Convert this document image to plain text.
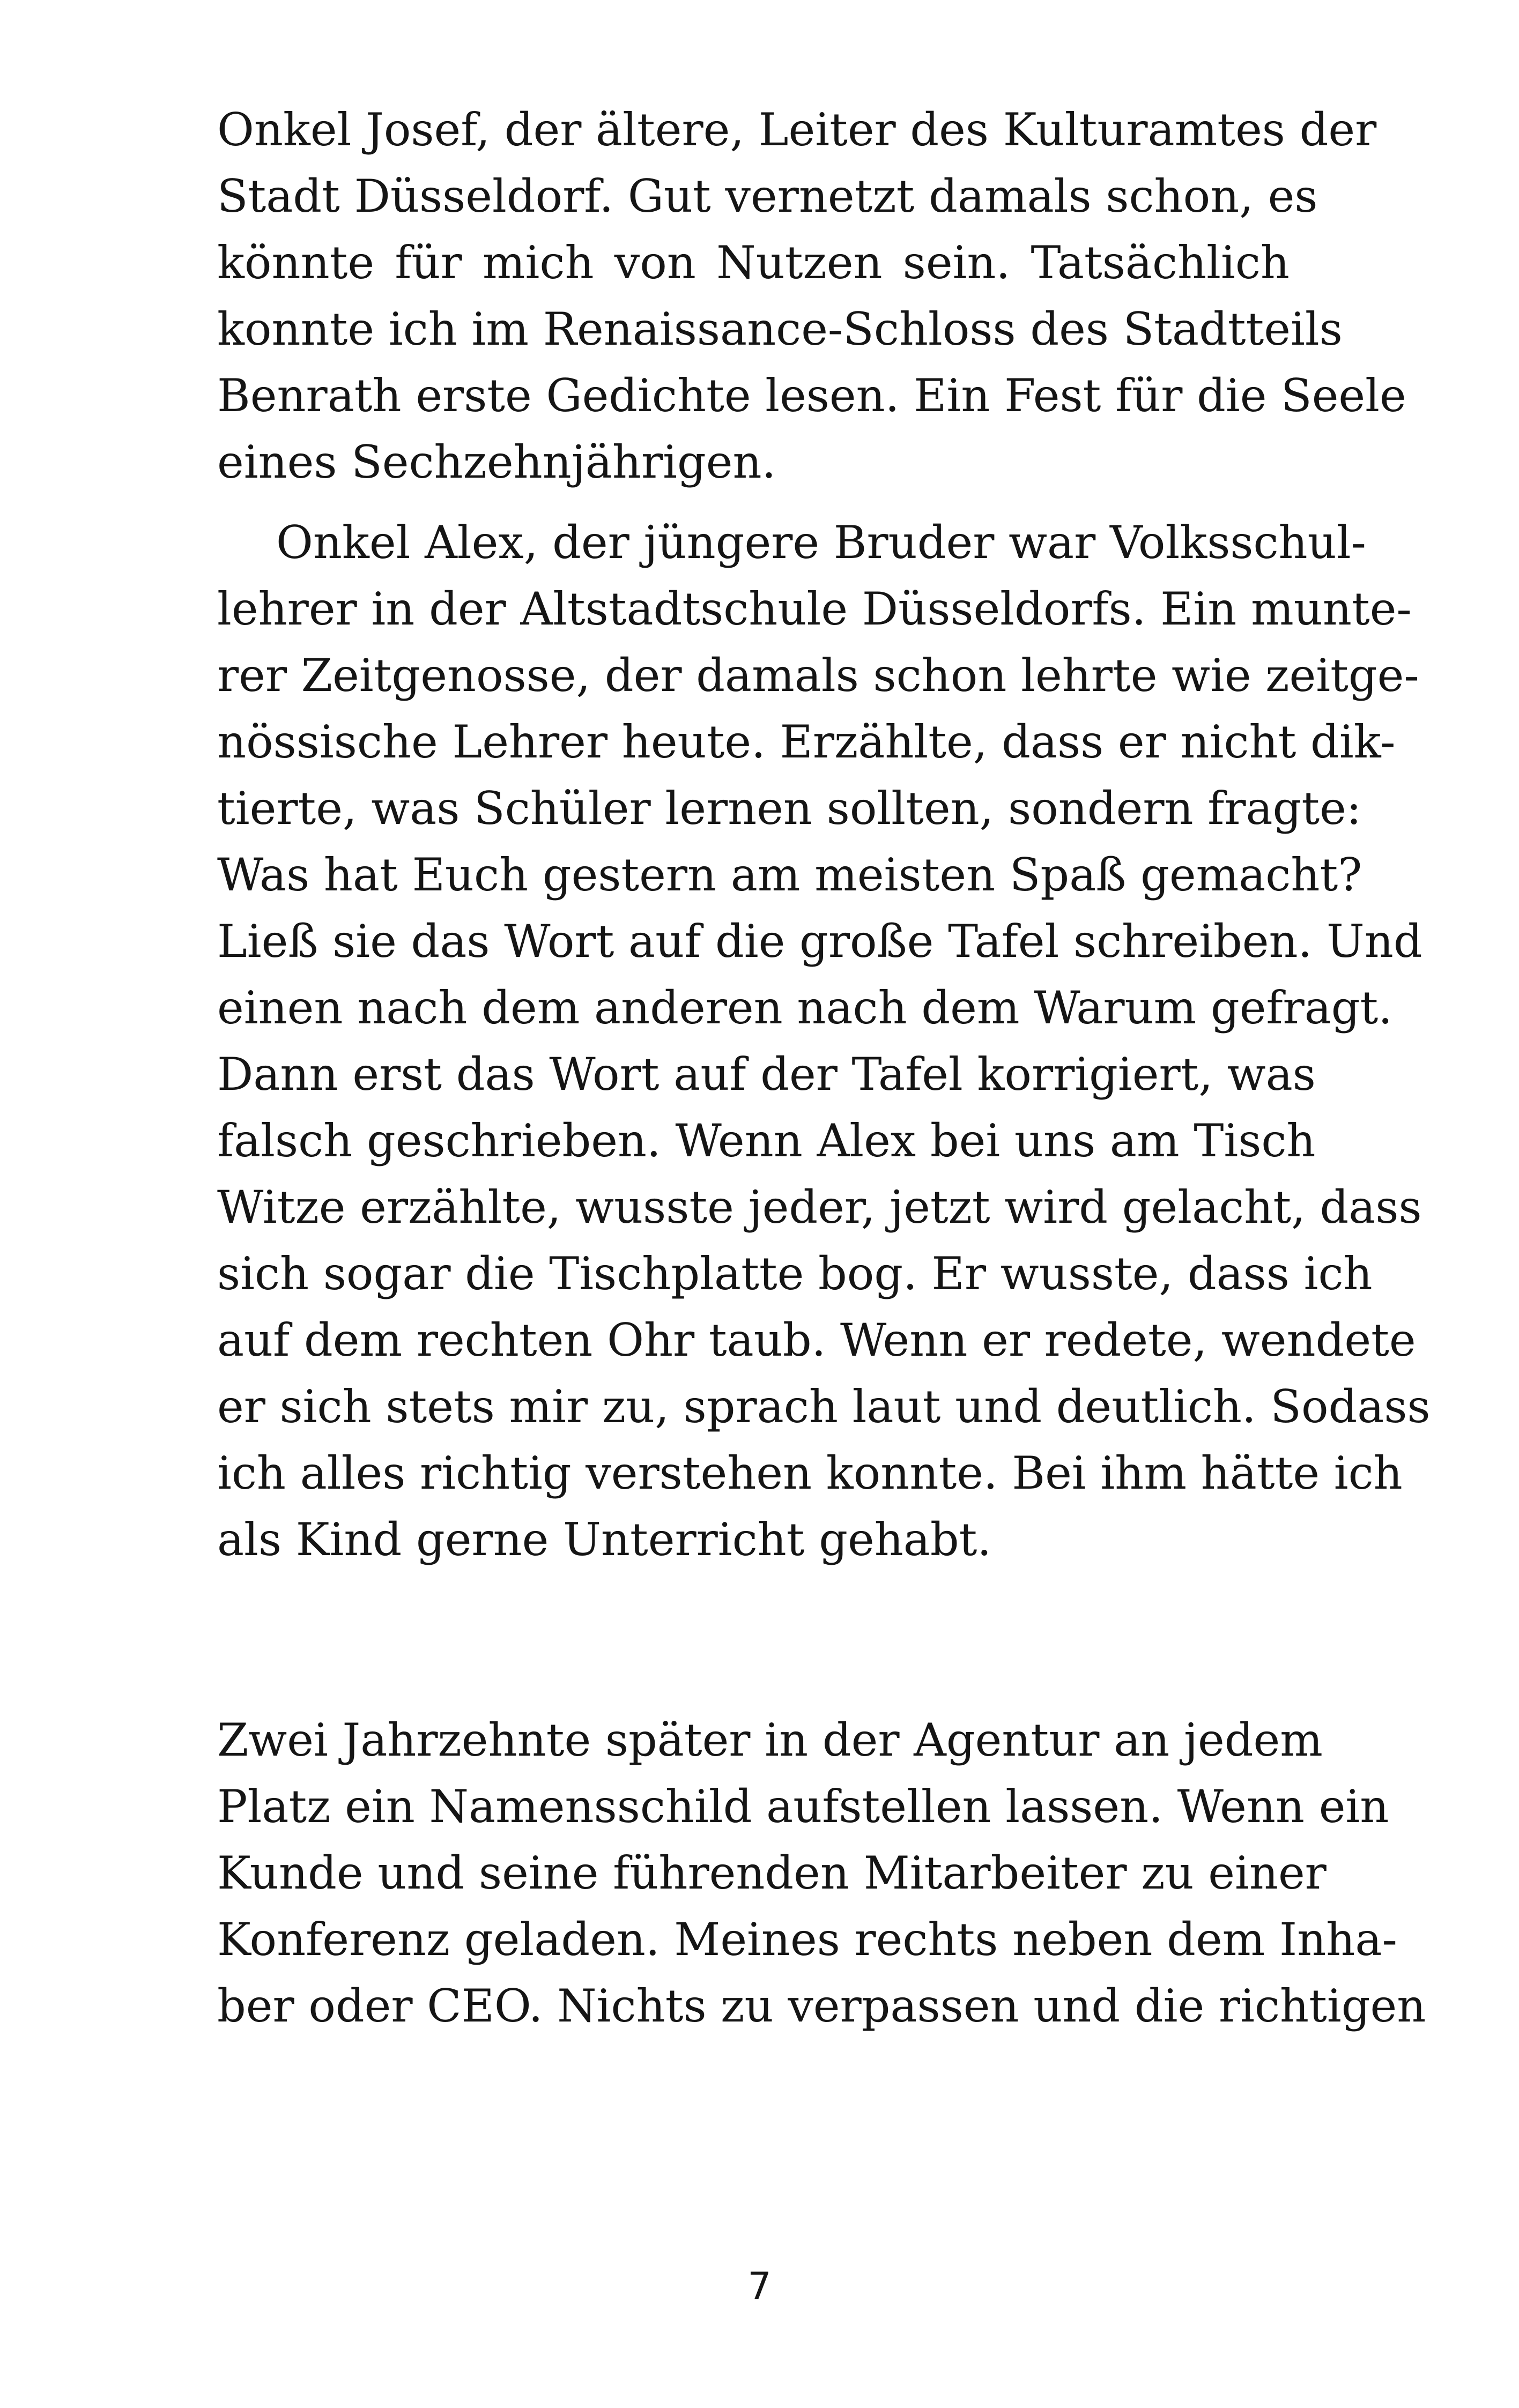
Onkel Josef, der ältere, Leiter des Kulturamtes der
Stadt Düsseldorf. Gut vernetzt damals schon, es
könnte für mich von Nutzen sein. Tatsächlich
konnte ich im Renaissance-Schloss des Stadtteils
Benrath erste Gedichte lesen. Ein Fest für die Seele
eines Sechzehnjährigen.
Onkel Alex, der jüngere Bruder war Volksschul-
lehrer in der Altstadtschule Düsseldorfs. Ein munte-
rer Zeitgenosse, der damals schon lehrte wie zeitge-
nössische Lehrer heute. Erzählte, dass er nicht dik-
tierte, was Schüler lernen sollten, sondern fragte:
Was hat Euch gestern am meisten Spaß gemacht?
Ließ sie das Wort auf die große Tafel schreiben. Und
einen nach dem anderen nach dem Warum gefragt.
Dann erst das Wort auf der Tafel korrigiert, was
falsch geschrieben. Wenn Alex bei uns am Tisch
Witze erzählte, wusste jeder, jetzt wird gelacht, dass
sich sogar die Tischplatte bog. Er wusste, dass ich
auf dem rechten Ohr taub. Wenn er redete, wendete
er sich stets mir zu, sprach laut und deutlich. Sodass
ich alles richtig verstehen konnte. Bei ihm hätte ich
als Kind gerne Unterricht gehabt.
Zwei Jahrzehnte später in der Agentur an jedem
Platz ein Namensschild aufstellen lassen. Wenn ein
Kunde und seine führenden Mitarbeiter zu einer
Konferenz geladen. Meines rechts neben dem Inha-
ber oder CEO. Nichts zu verpassen und die richtigen
7
